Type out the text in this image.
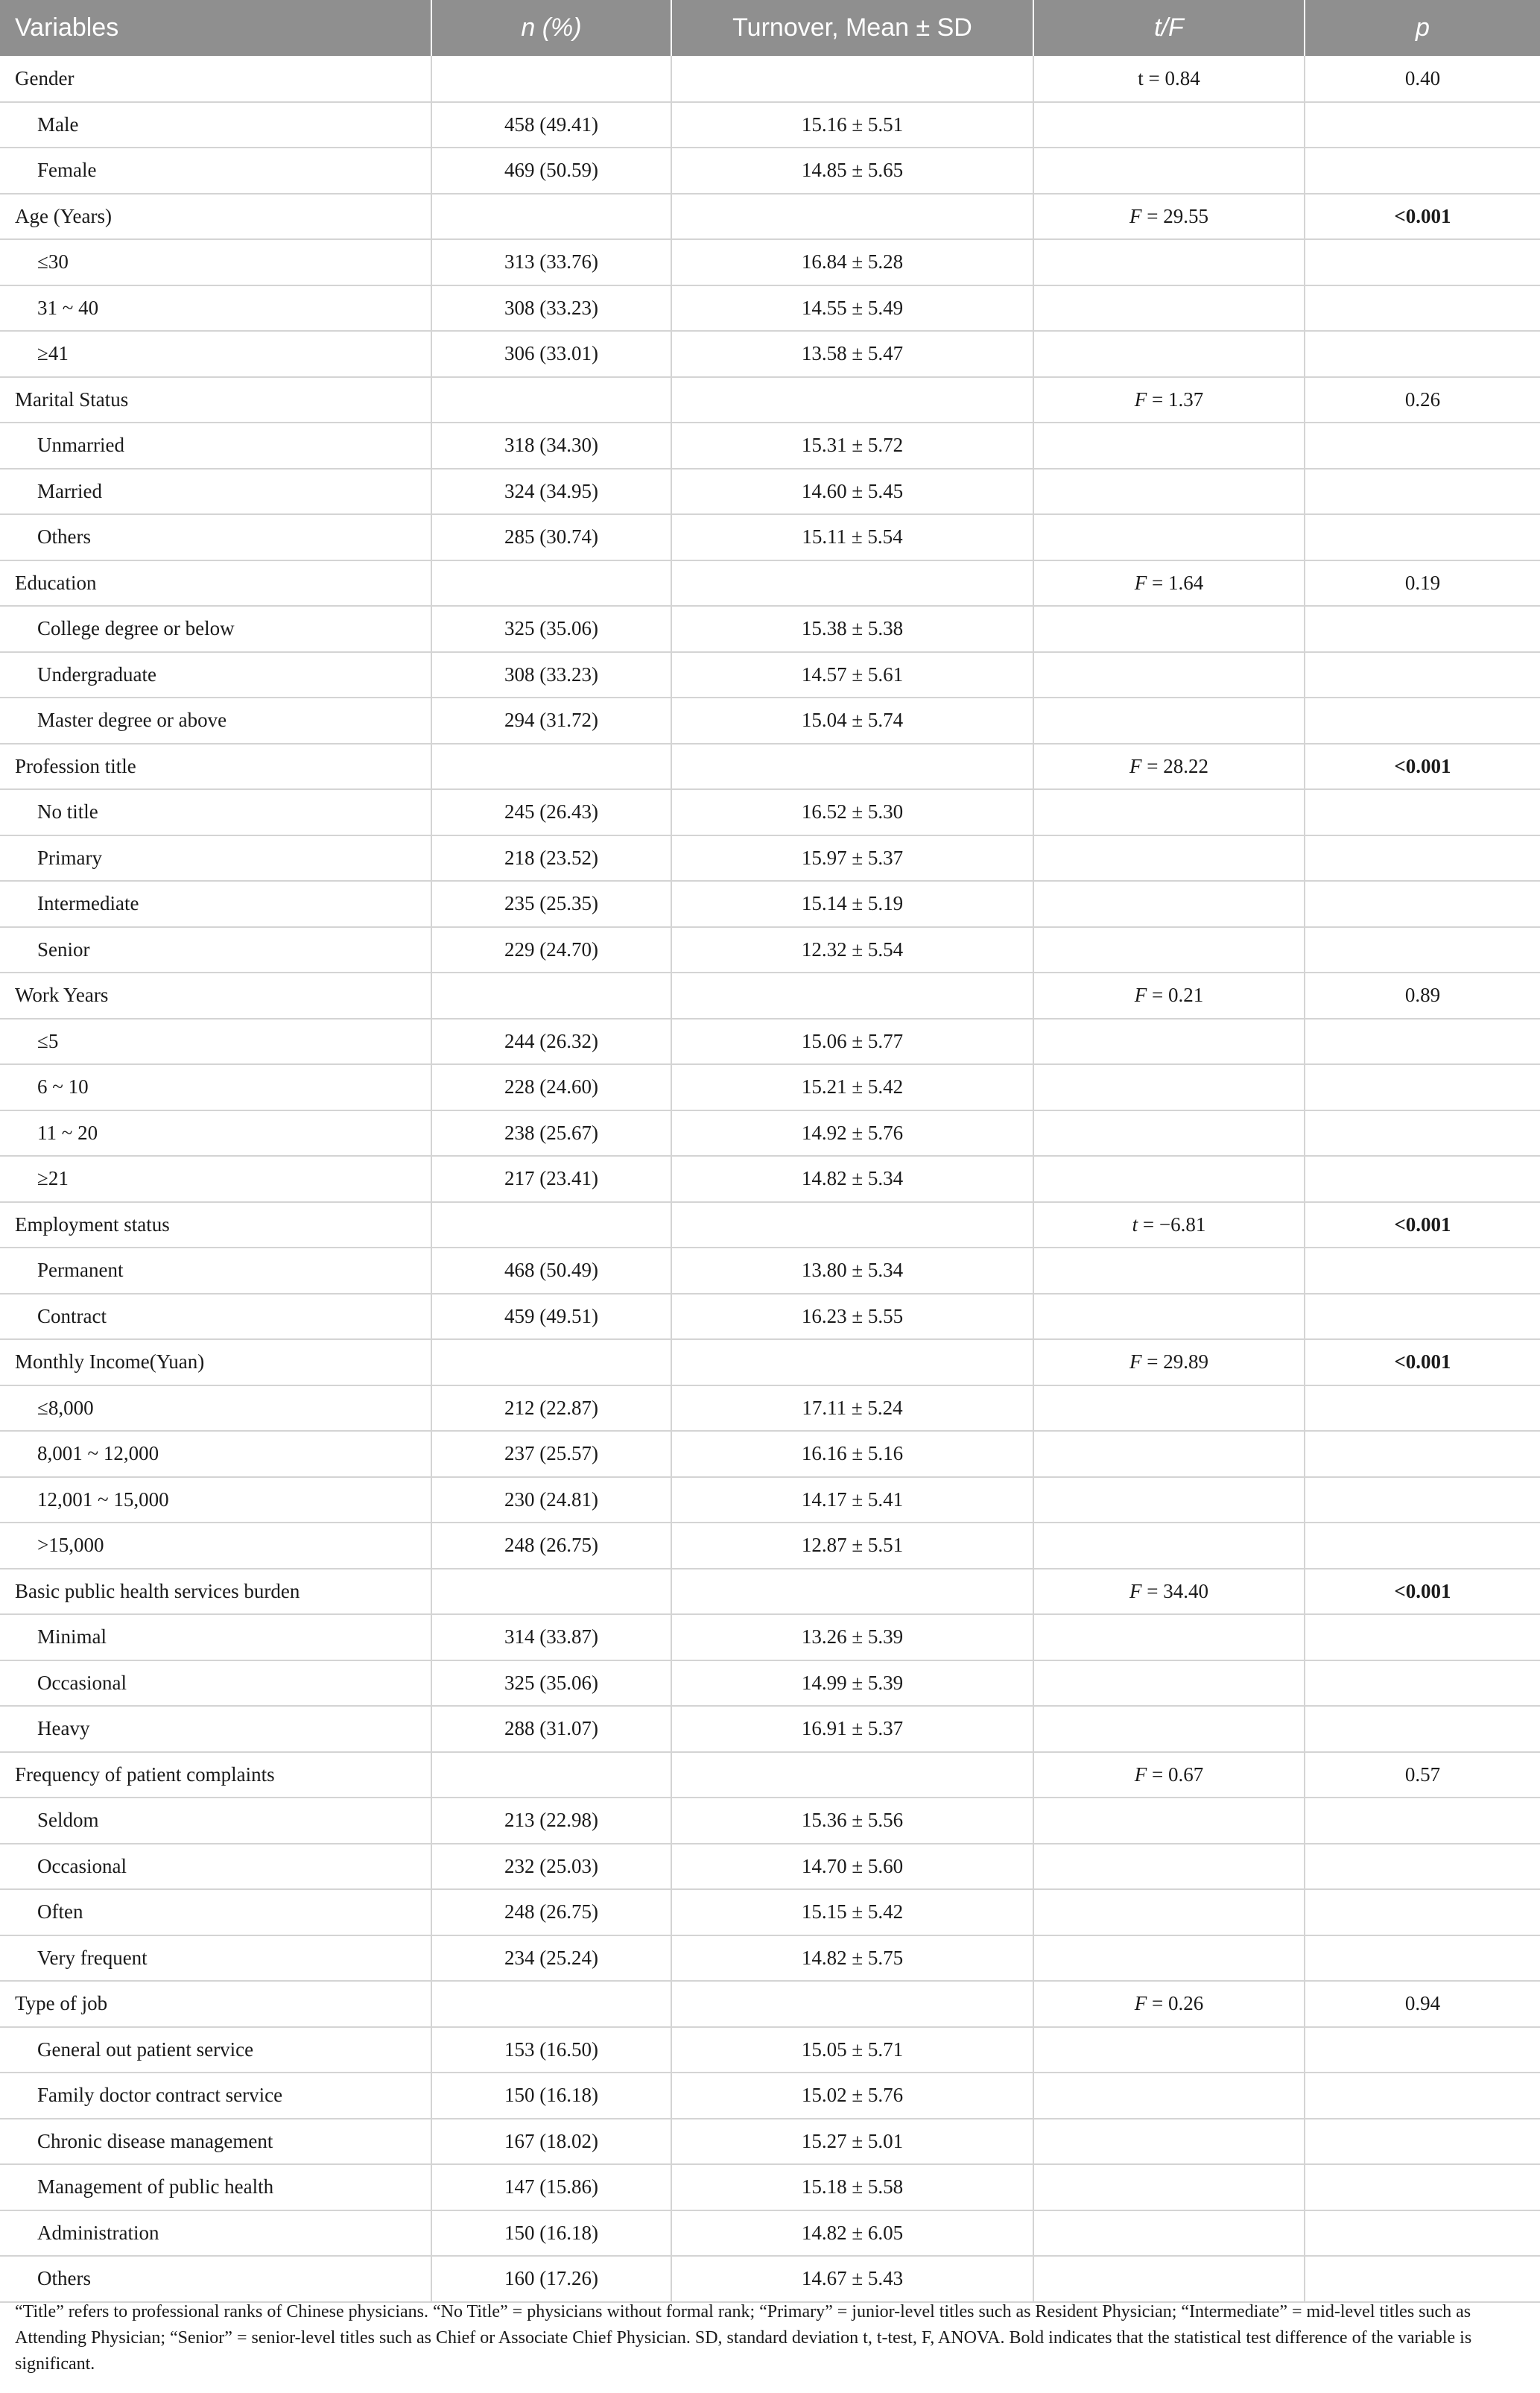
Variables	n (%)	Turnover, Mean ± SD	t/F	p
Gender			t = 0.84	0.40
Male	458 (49.41)	15.16 ± 5.51		
Female	469 (50.59)	14.85 ± 5.65		
Age (Years)			F = 29.55	<0.001
≤30	313 (33.76)	16.84 ± 5.28		
31 ~ 40	308 (33.23)	14.55 ± 5.49		
≥41	306 (33.01)	13.58 ± 5.47		
Marital Status			F = 1.37	0.26
Unmarried	318 (34.30)	15.31 ± 5.72		
Married	324 (34.95)	14.60 ± 5.45		
Others	285 (30.74)	15.11 ± 5.54		
Education			F = 1.64	0.19
College degree or below	325 (35.06)	15.38 ± 5.38		
Undergraduate	308 (33.23)	14.57 ± 5.61		
Master degree or above	294 (31.72)	15.04 ± 5.74		
Profession title			F = 28.22	<0.001
No title	245 (26.43)	16.52 ± 5.30		
Primary	218 (23.52)	15.97 ± 5.37		
Intermediate	235 (25.35)	15.14 ± 5.19		
Senior	229 (24.70)	12.32 ± 5.54		
Work Years			F = 0.21	0.89
≤5	244 (26.32)	15.06 ± 5.77		
6 ~ 10	228 (24.60)	15.21 ± 5.42		
11 ~ 20	238 (25.67)	14.92 ± 5.76		
≥21	217 (23.41)	14.82 ± 5.34		
Employment status			t = −6.81	<0.001
Permanent	468 (50.49)	13.80 ± 5.34		
Contract	459 (49.51)	16.23 ± 5.55		
Monthly Income(Yuan)			F = 29.89	<0.001
≤8,000	212 (22.87)	17.11 ± 5.24		
8,001 ~ 12,000	237 (25.57)	16.16 ± 5.16		
12,001 ~ 15,000	230 (24.81)	14.17 ± 5.41		
>15,000	248 (26.75)	12.87 ± 5.51		
Basic public health services burden			F = 34.40	<0.001
Minimal	314 (33.87)	13.26 ± 5.39		
Occasional	325 (35.06)	14.99 ± 5.39		
Heavy	288 (31.07)	16.91 ± 5.37		
Frequency of patient complaints			F = 0.67	0.57
Seldom	213 (22.98)	15.36 ± 5.56		
Occasional	232 (25.03)	14.70 ± 5.60		
Often	248 (26.75)	15.15 ± 5.42		
Very frequent	234 (25.24)	14.82 ± 5.75		
Type of job			F = 0.26	0.94
General out patient service	153 (16.50)	15.05 ± 5.71		
Family doctor contract service	150 (16.18)	15.02 ± 5.76		
Chronic disease management	167 (18.02)	15.27 ± 5.01		
Management of public health	147 (15.86)	15.18 ± 5.58		
Administration	150 (16.18)	14.82 ± 6.05		
Others	160 (17.26)	14.67 ± 5.43		

“Title” refers to professional ranks of Chinese physicians. “No Title” = physicians without formal rank; “Primary” = junior-level titles such as Resident Physician; “Intermediate” = mid-level titles such as Attending Physician; “Senior” = senior-level titles such as Chief or Associate Chief Physician. SD, standard deviation t, t-test, F, ANOVA. Bold indicates that the statistical test difference of the variable is significant.
